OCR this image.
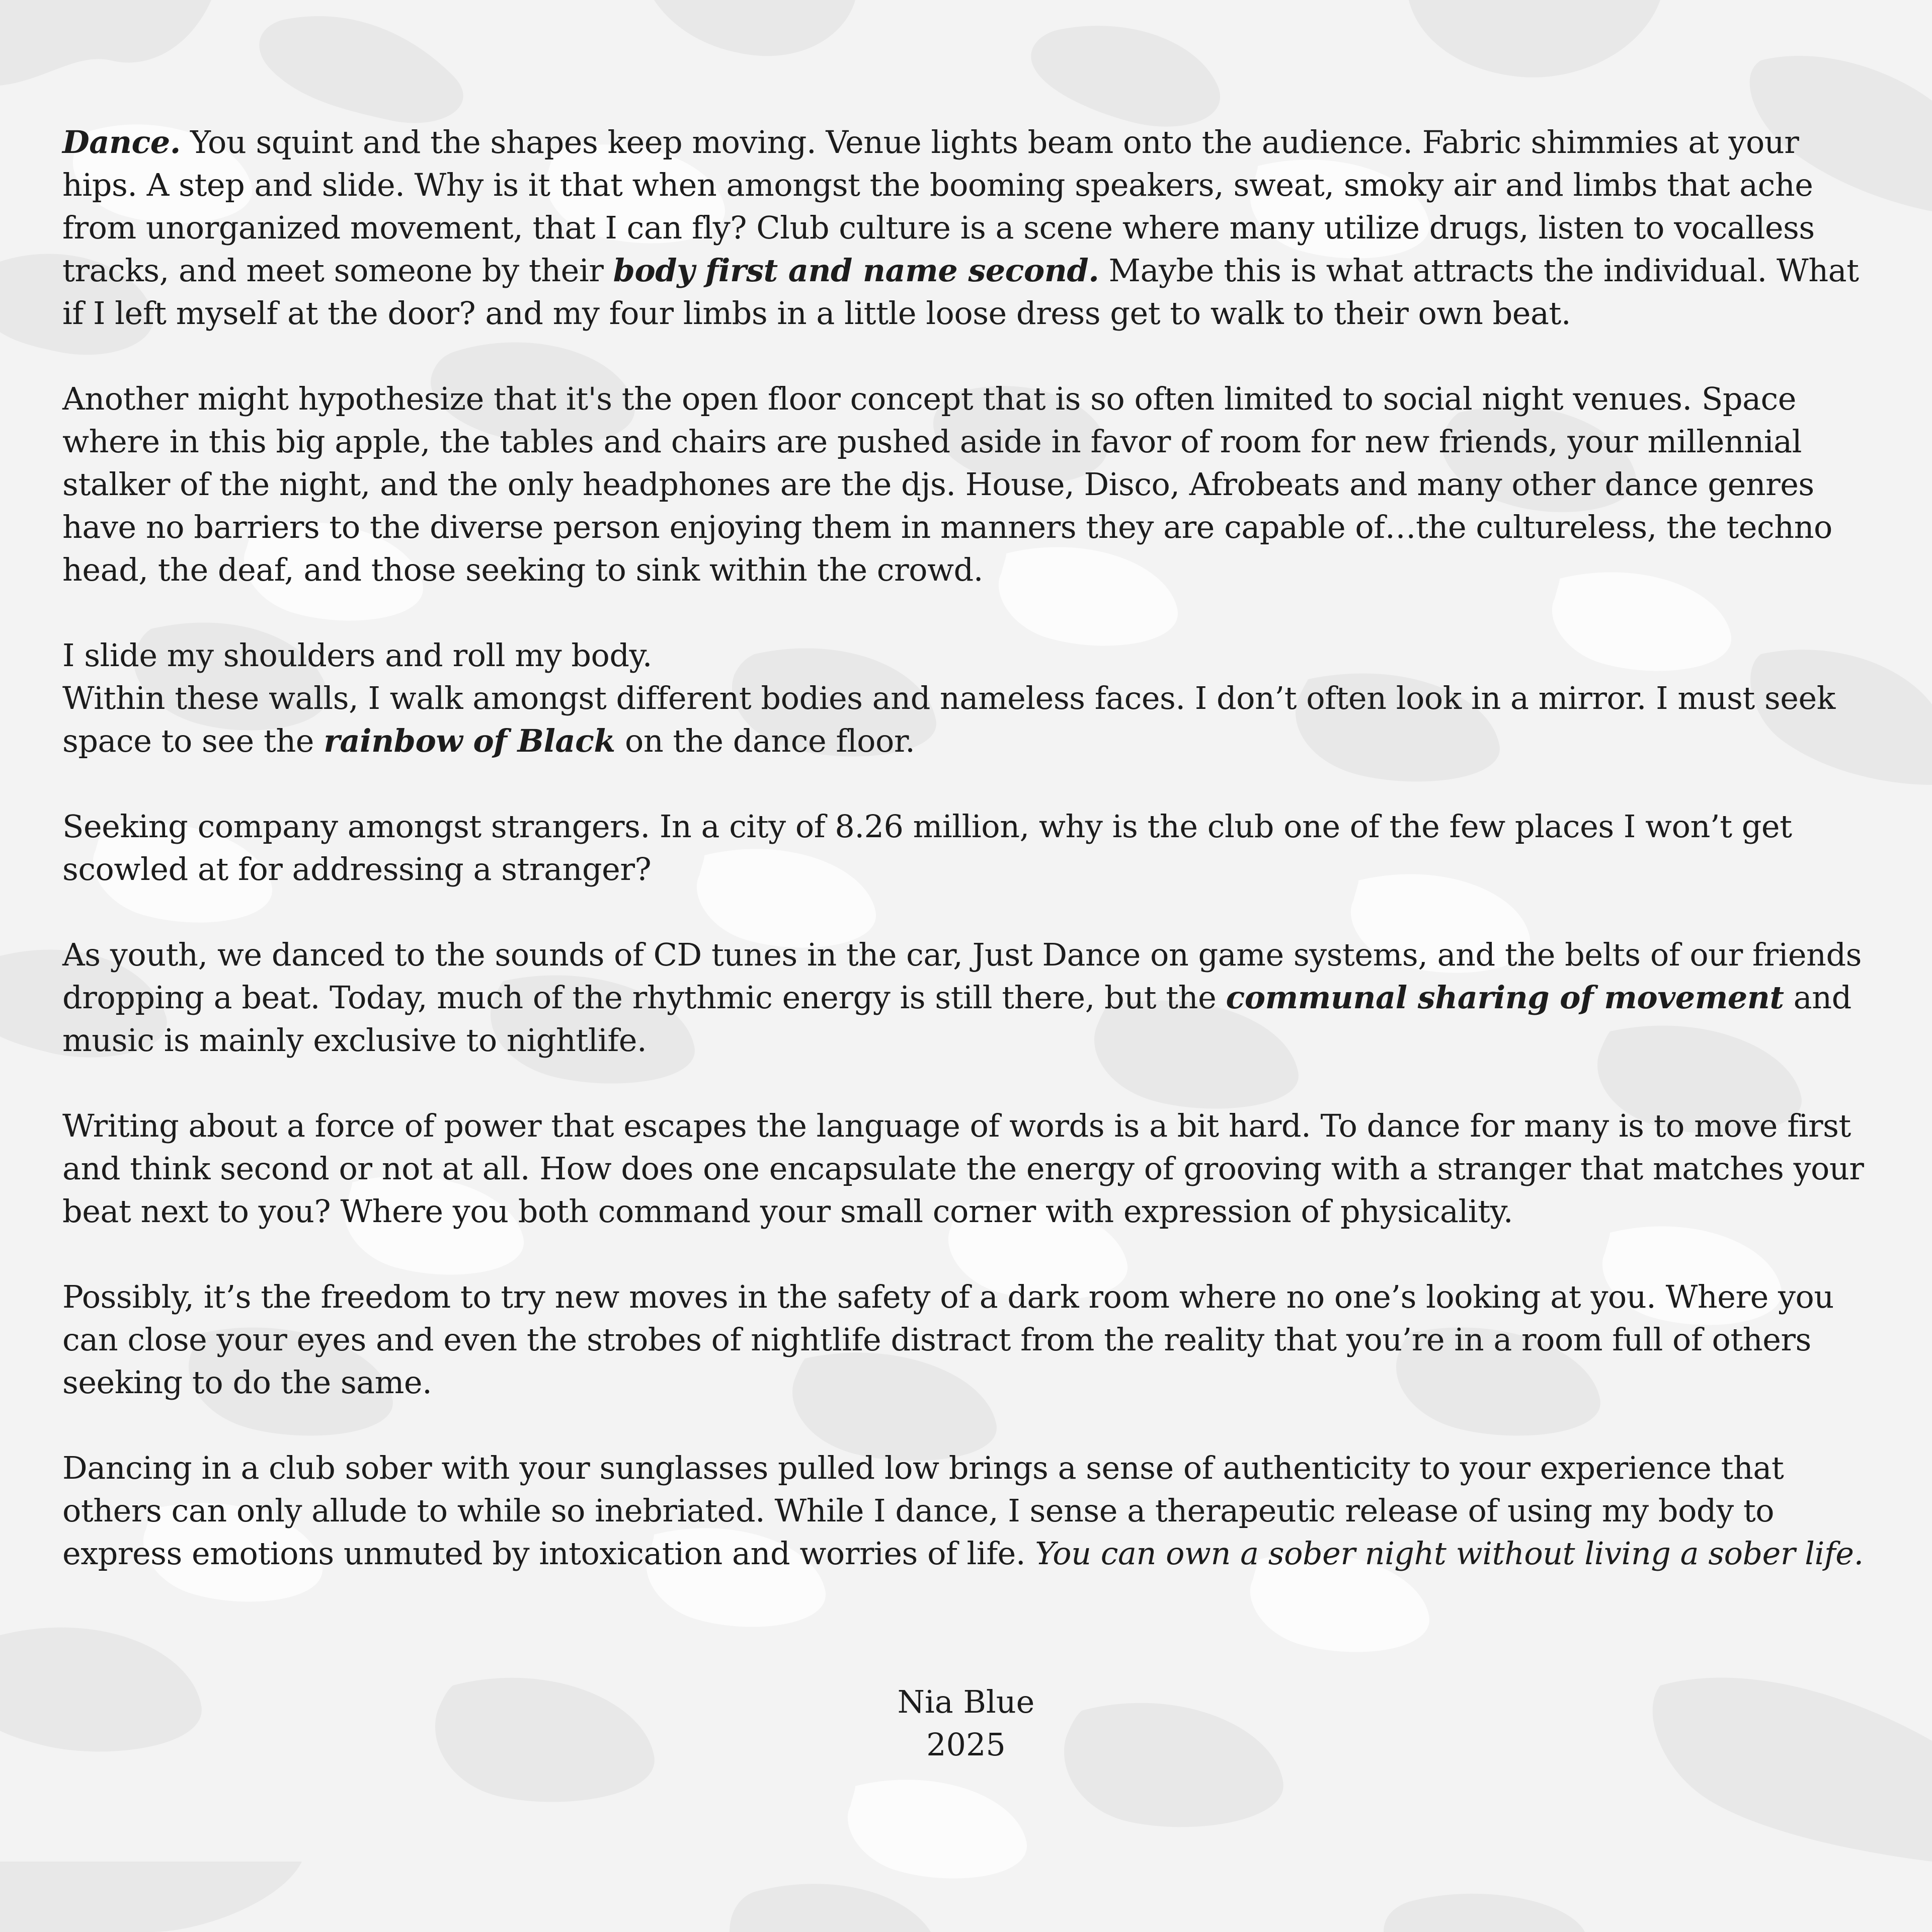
Dance. You squint and the shapes keep moving. Venue lights beam onto the audience. Fabric shimmies at your hips. A step and slide. Why is it that when amongst the booming speakers, sweat, smoky air and limbs that ache from unorganized movement, that I can fly? Club culture is a scene where many utilize drugs, listen to vocalless tracks, and meet someone by their body first and name second. Maybe this is what attracts the individual. What if I left myself at the door? and my four limbs in a little loose dress get to walk to their own beat.

Another might hypothesize that it's the open floor concept that is so often limited to social night venues. Space where in this big apple, the tables and chairs are pushed aside in favor of room for new friends, your millennial stalker of the night, and the only headphones are the djs. House, Disco, Afrobeats and many other dance genres have no barriers to the diverse person enjoying them in manners they are capable of…the cultureless, the techno head, the deaf, and those seeking to sink within the crowd.

I slide my shoulders and roll my body.
Within these walls, I walk amongst different bodies and nameless faces. I don’t often look in a mirror. I must seek space to see the rainbow of Black on the dance floor.

Seeking company amongst strangers. In a city of 8.26 million, why is the club one of the few places I won’t get scowled at for addressing a stranger?

As youth, we danced to the sounds of CD tunes in the car, Just Dance on game systems, and the belts of our friends dropping a beat. Today, much of the rhythmic energy is still there, but the communal sharing of movement and music is mainly exclusive to nightlife.

Writing about a force of power that escapes the language of words is a bit hard. To dance for many is to move first and think second or not at all. How does one encapsulate the energy of grooving with a stranger that matches your beat next to you? Where you both command your small corner with expression of physicality.

Possibly, it’s the freedom to try new moves in the safety of a dark room where no one’s looking at you. Where you can close your eyes and even the strobes of nightlife distract from the reality that you’re in a room full of others seeking to do the same.

Dancing in a club sober with your sunglasses pulled low brings a sense of authenticity to your experience that others can only allude to while so inebriated. While I dance, I sense a therapeutic release of using my body to express emotions unmuted by intoxication and worries of life. You can own a sober night without living a sober life.

Nia Blue
2025
